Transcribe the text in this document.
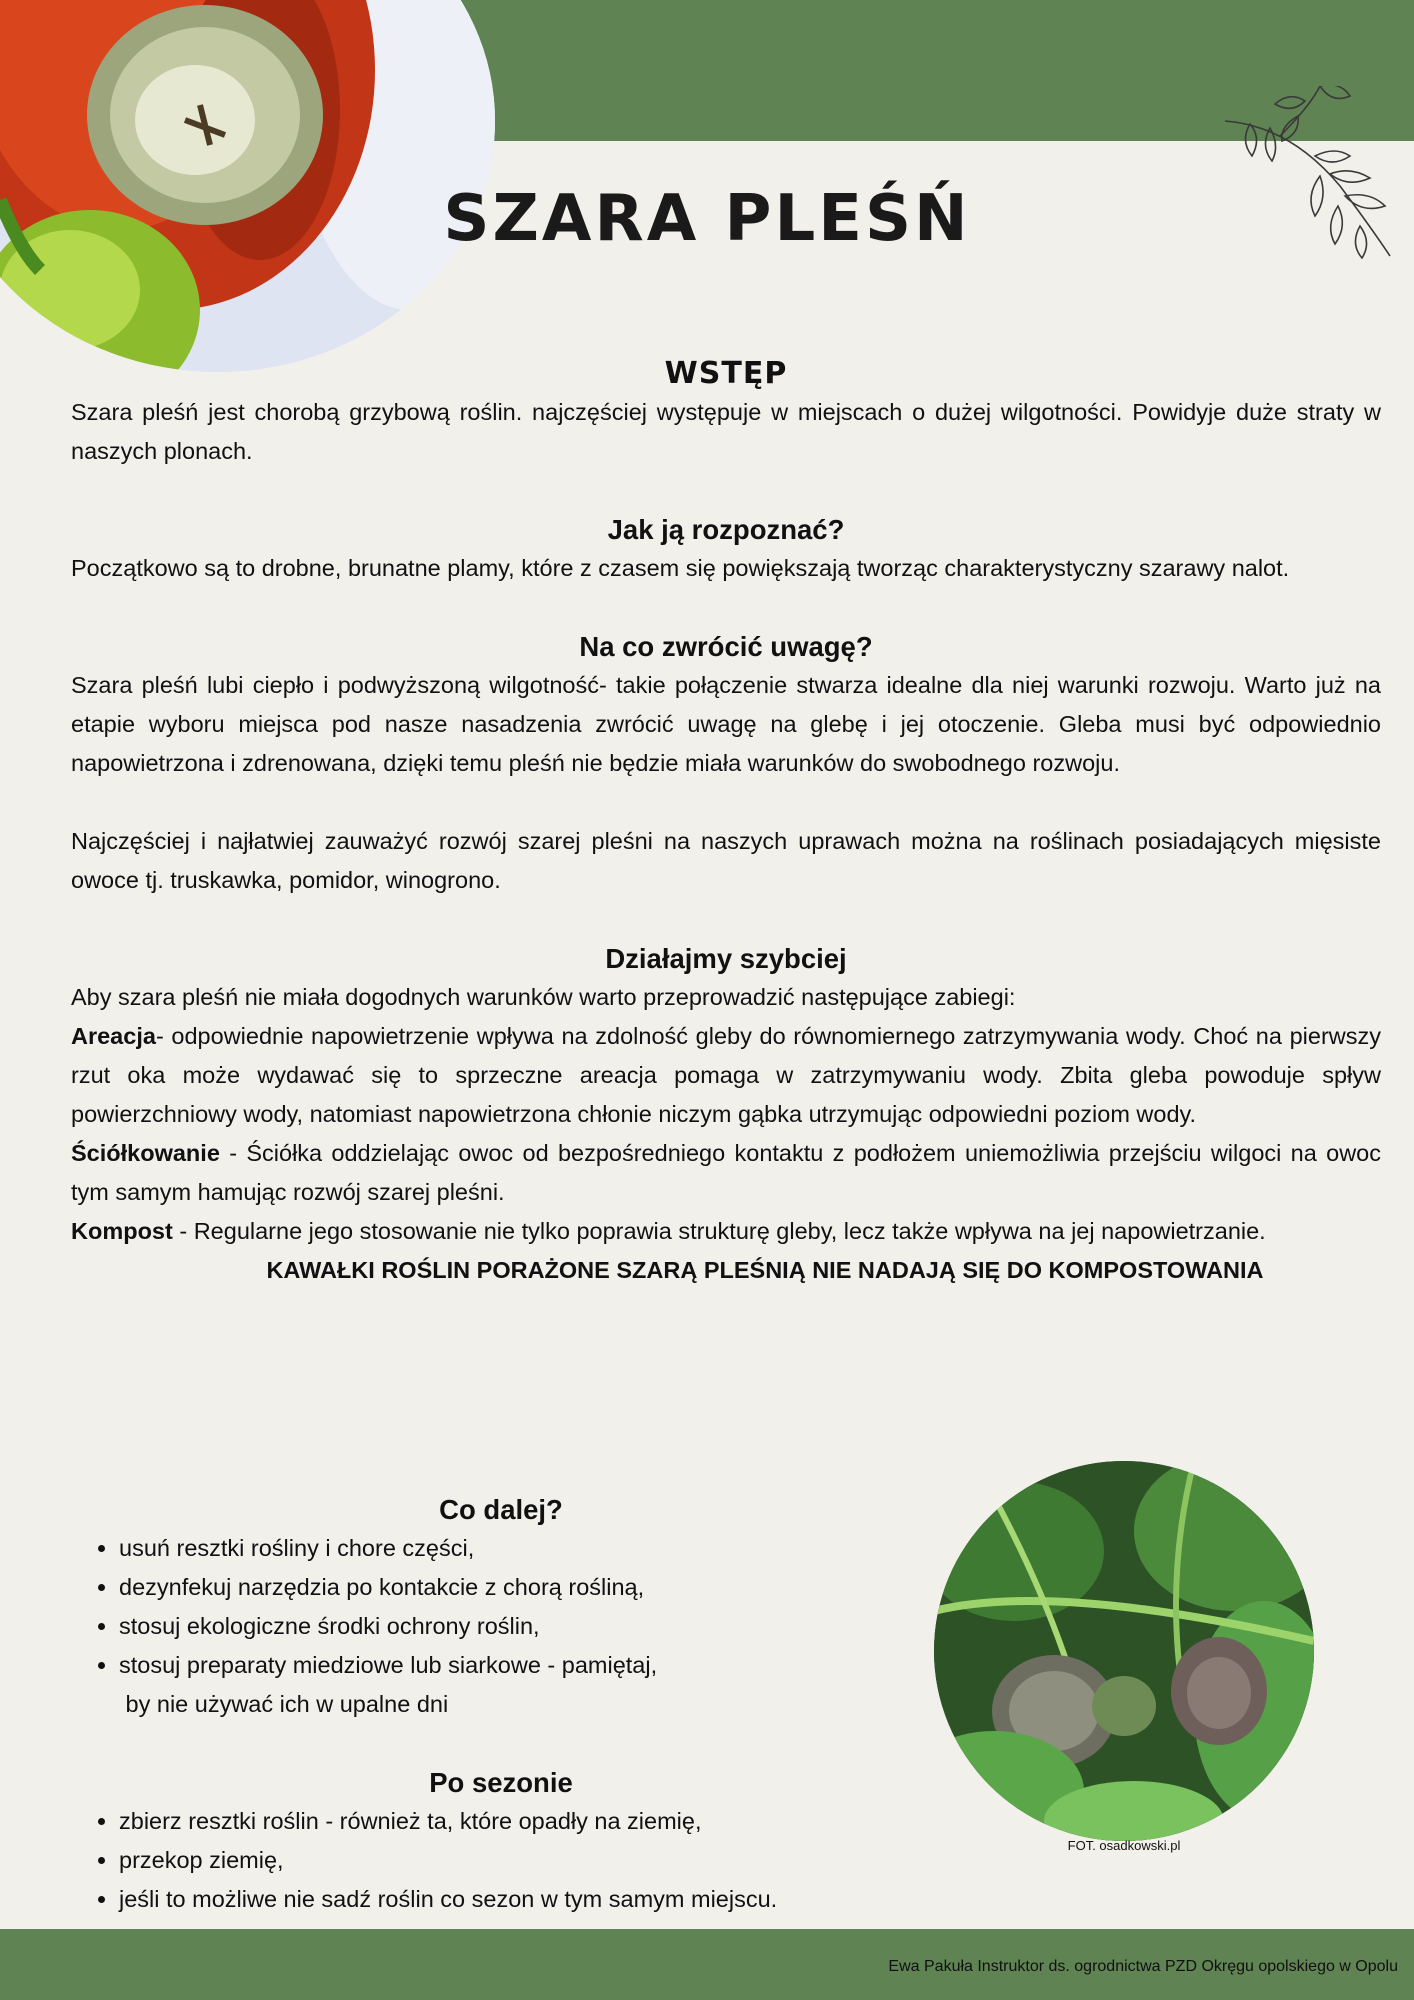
SZARA PLEŚŃ
WSTĘP

Szara pleśń jest chorobą grzybową roślin. najczęściej występuje w miejscach o dużej wilgotności. Powidyje duże straty w naszych plonach.

Jak ją rozpoznać?

Początkowo są to drobne, brunatne plamy, które z czasem się powiększają tworząc charakterystyczny szarawy nalot.

Na co zwrócić uwagę?

Szara pleśń lubi ciepło i podwyższoną wilgotność- takie połączenie stwarza idealne dla niej warunki rozwoju. Warto już na etapie wyboru miejsca pod nasze nasadzenia zwrócić uwagę na glebę i jej otoczenie. Gleba musi być odpowiednio napowietrzona i zdrenowana, dzięki temu pleśń nie będzie miała warunków do swobodnego rozwoju.

Najczęściej i najłatwiej zauważyć rozwój szarej pleśni na naszych uprawach można na roślinach posiadających mięsiste owoce tj. truskawka, pomidor, winogrono.

Działajmy szybciej

Aby szara pleśń nie miała dogodnych warunków warto przeprowadzić następujące zabiegi:

Areacja- odpowiednie napowietrzenie wpływa na zdolność gleby do równomiernego zatrzymywania wody. Choć na pierwszy rzut oka może wydawać się to sprzeczne areacja pomaga w zatrzymywaniu wody. Zbita gleba powoduje spływ powierzchniowy wody, natomiast napowietrzona chłonie niczym gąbka utrzymując odpowiedni poziom wody.

Ściółkowanie - Ściółka oddzielając owoc od bezpośredniego kontaktu z podłożem uniemożliwia przejściu wilgoci na owoc tym samym hamując rozwój szarej pleśni.

Kompost - Regularne jego stosowanie nie tylko poprawia strukturę gleby, lecz także wpływa na jej napowietrzanie.

KAWAŁKI ROŚLIN PORAŻONE SZARĄ PLEŚNIĄ NIE NADAJĄ SIĘ DO KOMPOSTOWANIA
Co dalej?
• usuń resztki rośliny i chore części,
• dezynfekuj narzędzia po kontakcie z chorą rośliną,
• stosuj ekologiczne środki ochrony roślin,
• stosuj preparaty miedziowe lub siarkowe - pamiętaj,
by nie używać ich w upalne dni
Po sezonie
• zbierz resztki roślin - również ta, które opadły na ziemię,
• przekop ziemię,
• jeśli to możliwe nie sadź roślin co sezon w tym samym miejscu.
FOT. osadkowski.pl
Ewa Pakuła Instruktor ds. ogrodnictwa PZD Okręgu opolskiego w Opolu
